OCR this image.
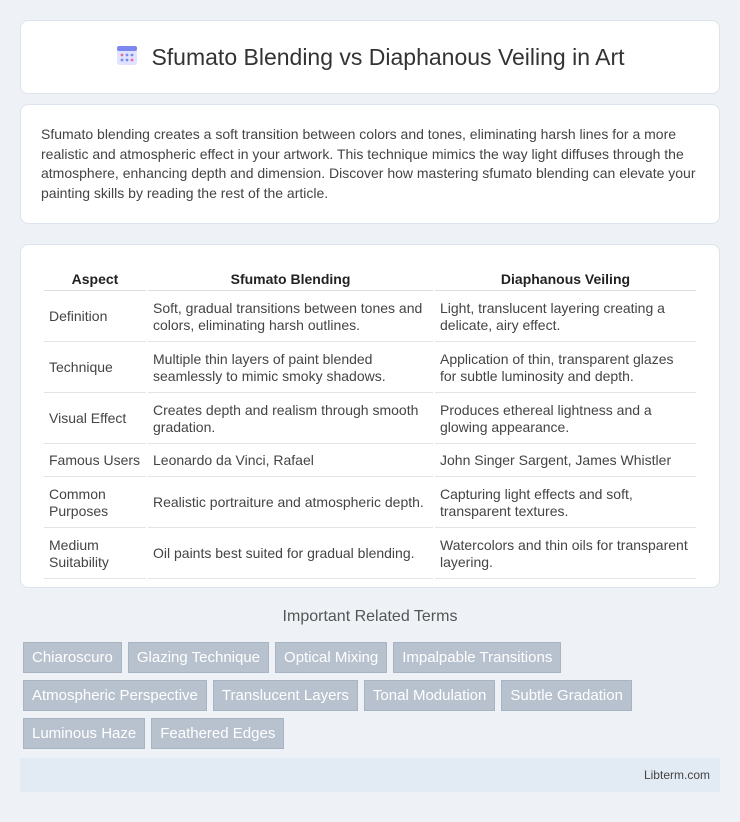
Sfumato Blending vs Diaphanous Veiling in Art

Sfumato blending creates a soft transition between colors and tones, eliminating harsh lines for a more realistic and atmospheric effect in your artwork. This technique mimics the way light diffuses through the atmosphere, enhancing depth and dimension. Discover how mastering sfumato blending can elevate your painting skills by reading the rest of the article.

Aspect	Sfumato Blending	Diaphanous Veiling
Definition	Soft, gradual transitions between tones and colors, eliminating harsh outlines.	Light, translucent layering creating a delicate, airy effect.
Technique	Multiple thin layers of paint blended seamlessly to mimic smoky shadows.	Application of thin, transparent glazes for subtle luminosity and depth.
Visual Effect	Creates depth and realism through smooth gradation.	Produces ethereal lightness and a glowing appearance.
Famous Users	Leonardo da Vinci, Rafael	John Singer Sargent, James Whistler
Common Purposes	Realistic portraiture and atmospheric depth.	Capturing light effects and soft, transparent textures.
Medium Suitability	Oil paints best suited for gradual blending.	Watercolors and thin oils for transparent layering.
Important Related Terms
Chiaroscuro	Glazing Technique	Optical Mixing	Impalpable Transitions
Atmospheric Perspective	Translucent Layers	Tonal Modulation	Subtle Gradation
Luminous Haze	Feathered Edges
Libterm.com
